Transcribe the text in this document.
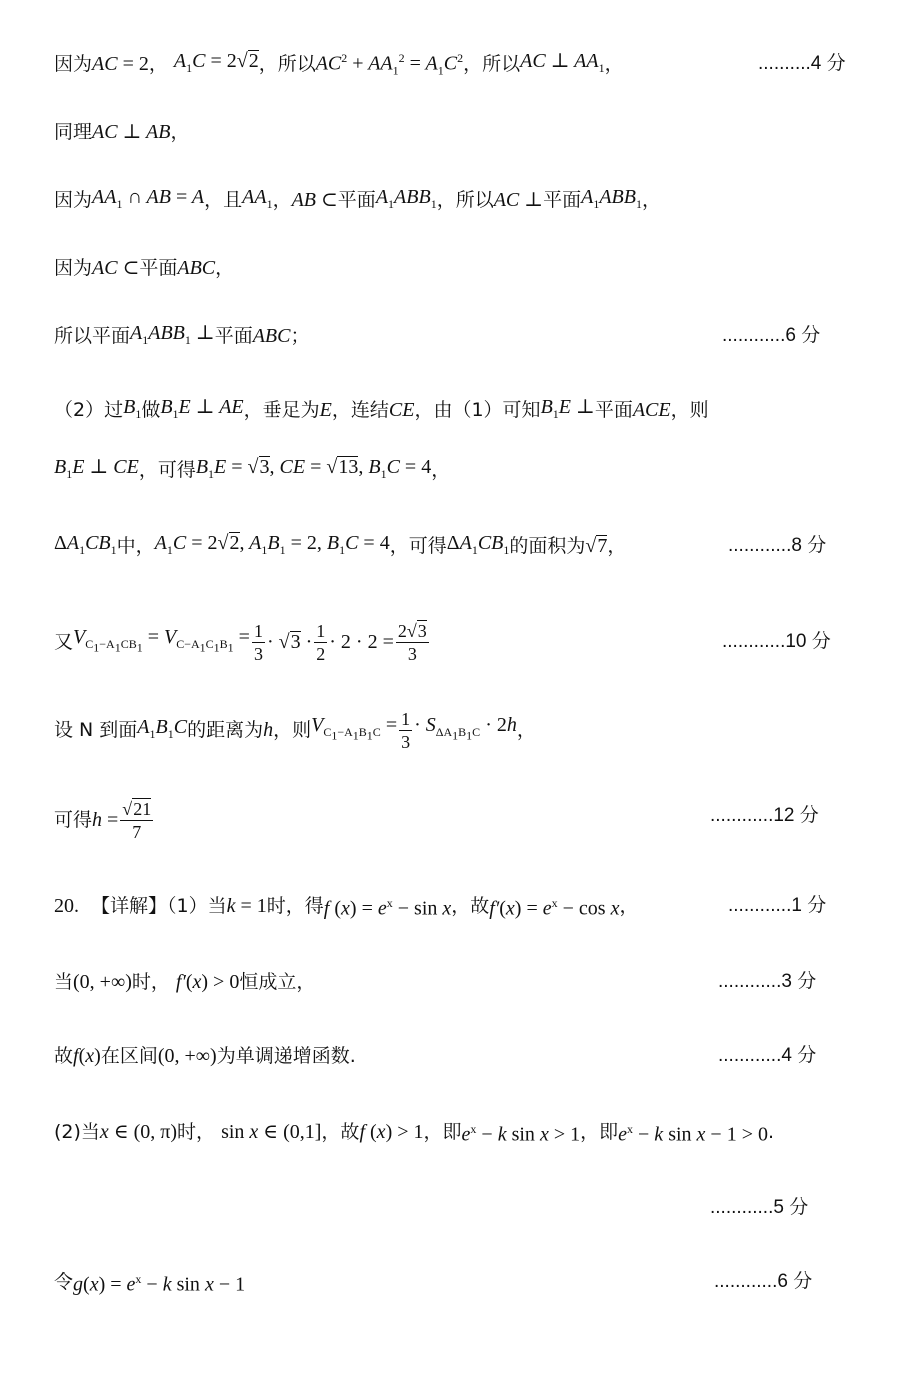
因为 AC = 2 ， $A_1C = 2√2$ ，所以 $AC^2 + AA_1^2 = A_1C^2$ ，所以 AC ⊥ $AA_1$ ，	..........4 分
同理 AC ⊥ AB ，
因为 $AA_1$ ∩ AB = A ，且 $AA_1$ ， AB ⊂ 平面 $A_1ABB_1$ ，所以 AC ⊥ 平面 $A_1ABB_1$ ，
因为 AC ⊂ 平面 ABC ，
所以平面 $A_1ABB_1$ ⊥ 平面 ABC ；	............6 分
（2）过 $B_1$ 做 $B_1E$ ⊥ AE ，垂足为 E ，连结 CE ，由（1）可知 $B_1E$ ⊥ 平面 ACE ，则
$B_1E$ ⊥ CE ，可得 $B_1E = √3$, CE = √13, $B_1C = 4$ ，
$\Delta A_1CB_1$ 中， $A_1C = 2√2$, $A_1B_1 = 2$, $B_1C = 4$ ，可得 $\Delta A_1CB_1$ 的面积为 √7 ，	............8 分
又 $V_{C_1-A_1CB_1} = V_{C-A_1C_1B_1} = \frac{1}{3} \cdot √3 \cdot \frac{1}{2} \cdot 2 \cdot 2 = \frac{2√3}{3}$	............10 分
设 N 到面 $A_1B_1C$ 的距离为 h ，则 $V_{C_1-A_1B_1C} = \frac{1}{3} \cdot S_{\Delta A_1B_1C} \cdot 2h$ ，
可得 $h = \frac{√21}{7}$	............12 分
20. 【详解】（1）当 k = 1 时，得 f $(x) = e^x - \sin x$ ，故 $f'(x) = e^x - \cos x$ ，	............1 分
当 (0, +∞) 时， f′(x) > 0 恒成立，	............3 分
故 f(x) 在区间 (0, +∞) 为单调递增函数.	............4 分
(2)当 x ∈ (0, π) 时， sin x ∈ (0,1] ，故 f (x) > 1 ，即 $e^x - k$ sin x > 1 ，即 $e^x - k$ sin x − 1 > 0 .
............5 分
令 $g(x) = e^x - k$ sin x − 1	............6 分
